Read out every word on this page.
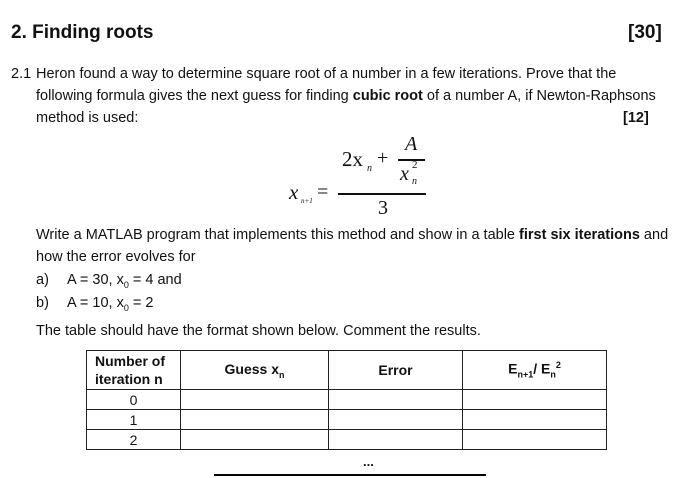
2. Finding roots	[30]
2.1 Heron found a way to determine square root of a number in a few iterations. Prove that the
following formula gives the next guess for finding cubic root of a number A, if Newton-Raphsons
method is used:	[12]
x n+1 =
2x n +
A
x 2
n
3
Write a MATLAB program that implements this method and show in a table first six iterations and
how the error evolves for
a) A = 30, $x_0 = 4$ and
b) A = 10, $x_0 = 2$
The table should have the format shown below. Comment the results.
Number of
iteration n	Guess $x_n$	Error	$E_{n+1}/$ $E_n^2$
0			
1			
2			
...
